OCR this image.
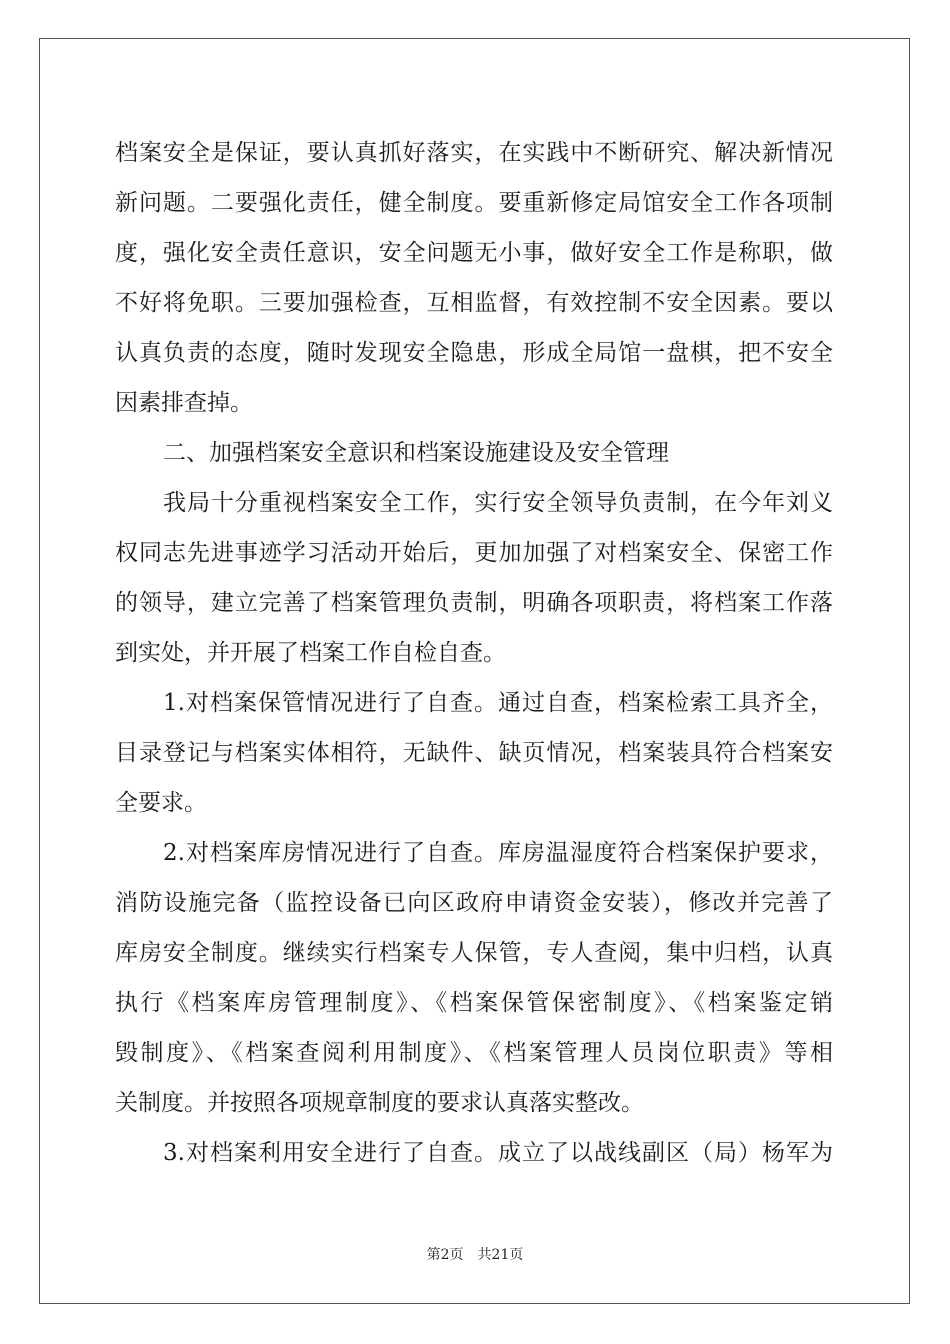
档案安全是保证，要认真抓好落实，在实践中不断研究、解决新情况
新问题。二要强化责任，健全制度。要重新修定局馆安全工作各项制
度，强化安全责任意识，安全问题无小事，做好安全工作是称职，做
不好将免职。三要加强检查，互相监督，有效控制不安全因素。要以
认真负责的态度，随时发现安全隐患，形成全局馆一盘棋，把不安全
因素排查掉。
二、加强档案安全意识和档案设施建设及安全管理
我局十分重视档案安全工作，实行安全领导负责制，在今年刘义
权同志先进事迹学习活动开始后，更加加强了对档案安全、保密工作
的领导，建立完善了档案管理负责制，明确各项职责，将档案工作落
到实处，并开展了档案工作自检自查。
1.对档案保管情况进行了自查。通过自查，档案检索工具齐全，
目录登记与档案实体相符，无缺件、缺页情况，档案装具符合档案安
全要求。
2.对档案库房情况进行了自查。库房温湿度符合档案保护要求，
消防设施完备（监控设备已向区政府申请资金安装），修改并完善了
库房安全制度。继续实行档案专人保管，专人查阅，集中归档，认真
执行《档案库房管理制度》、《档案保管保密制度》、《档案鉴定销
毁制度》、《档案查阅利用制度》、《档案管理人员岗位职责》等相
关制度。并按照各项规章制度的要求认真落实整改。
3.对档案利用安全进行了自查。成立了以战线副区（局）杨军为
第2页 共21页
